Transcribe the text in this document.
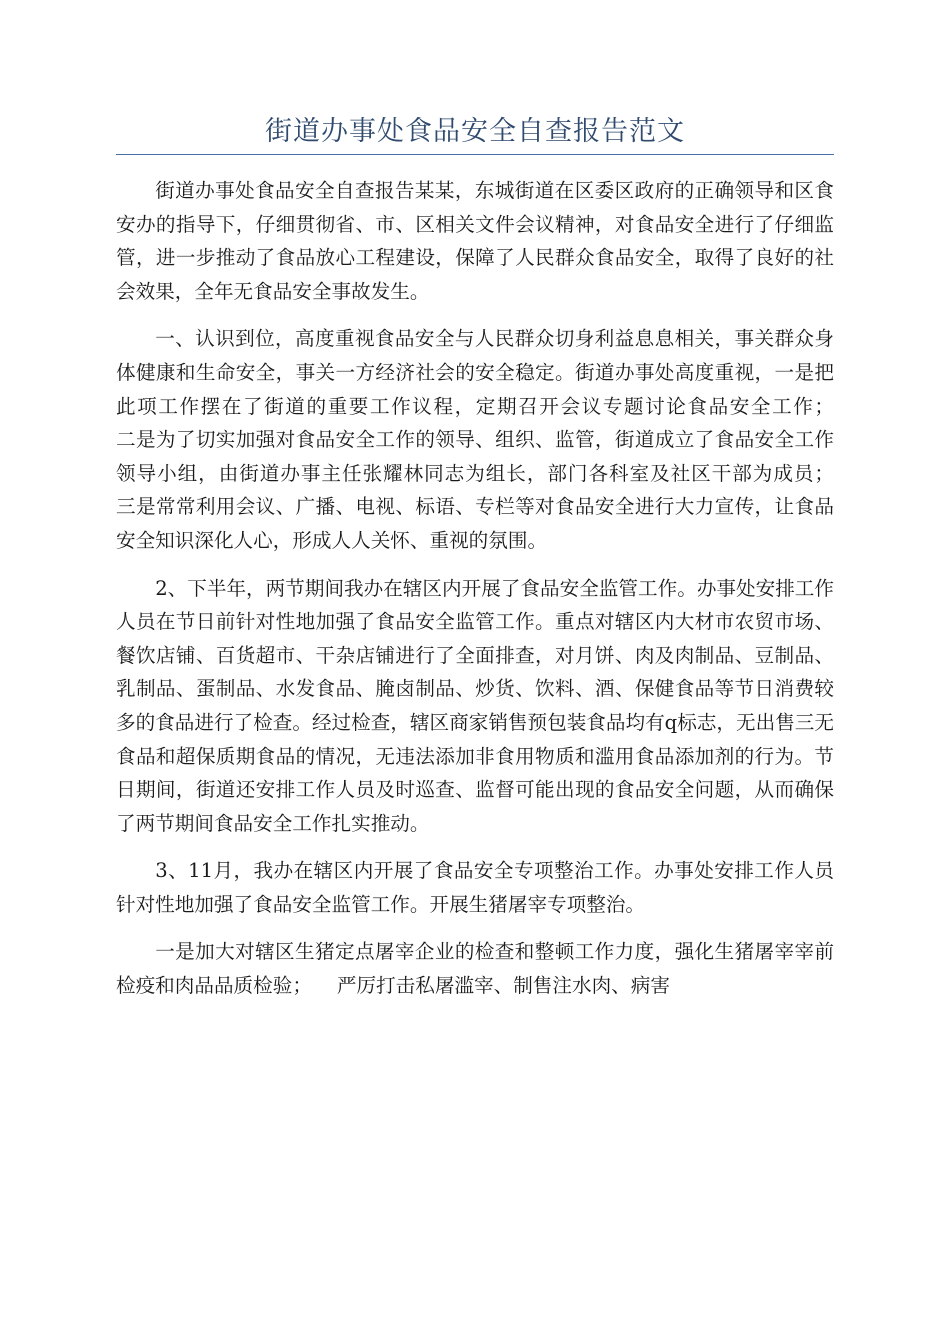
街道办事处食品安全自查报告范文

街道办事处食品安全自查报告某某，东城街道在区委区政府的正确领导和区食安办的指导下，仔细贯彻省、市、区相关文件会议精神，对食品安全进行了仔细监管，进一步推动了食品放心工程建设，保障了人民群众食品安全，取得了良好的社会效果，全年无食品安全事故发生。

一、认识到位，高度重视食品安全与人民群众切身利益息息相关，事关群众身体健康和生命安全，事关一方经济社会的安全稳定。街道办事处高度重视，一是把此项工作摆在了街道的重要工作议程，定期召开会议专题讨论食品安全工作；      二是为了切实加强对食品安全工作的领导、组织、监管，街道成立了食品安全工作领导小组，由街道办事主任张耀林同志为组长，部门各科室及社区干部为成员；      三是常常利用会议、广播、电视、标语、专栏等对食品安全进行大力宣传，让食品安全知识深化人心，形成人人关怀、重视的氛围。

2、下半年，两节期间我办在辖区内开展了食品安全监管工作。办事处安排工作人员在节日前针对性地加强了食品安全监管工作。重点对辖区内大材市农贸市场、餐饮店铺、百货超市、干杂店铺进行了全面排查，对月饼、肉及肉制品、豆制品、乳制品、蛋制品、水发食品、腌卤制品、炒货、饮料、酒、保健食品等节日消费较多的食品进行了检查。经过检查，辖区商家销售预包装食品均有q标志，无出售三无食品和超保质期食品的情况，无违法添加非食用物质和滥用食品添加剂的行为。节日期间，街道还安排工作人员及时巡查、监督可能出现的食品安全问题，从而确保了两节期间食品安全工作扎实推动。

3、11月，我办在辖区内开展了食品安全专项整治工作。办事处安排工作人员针对性地加强了食品安全监管工作。开展生猪屠宰专项整治。

一是加大对辖区生猪定点屠宰企业的检查和整顿工作力度，强化生猪屠宰宰前检疫和肉品品质检验；    严厉打击私屠滥宰、制售注水肉、病害
